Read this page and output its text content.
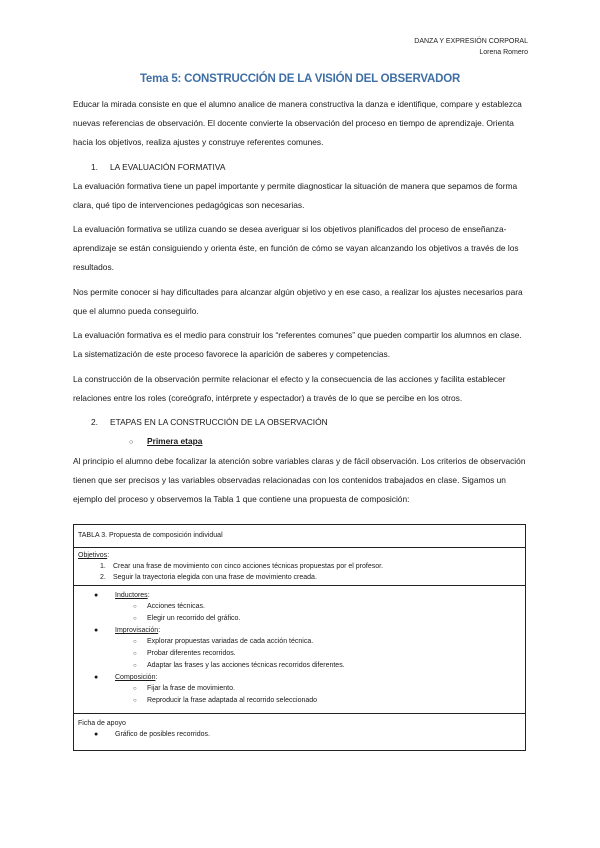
DANZA Y EXPRESIÓN CORPORAL
Lorena Romero
Tema 5: CONSTRUCCIÓN DE LA VISIÓN DEL OBSERVADOR

Educar la mirada consiste en que el alumno analice de manera constructiva la danza e identifique, compare y establezca nuevas referencias de observación. El docente convierte la observación del proceso en tiempo de aprendizaje. Orienta hacia los objetivos, realiza ajustes y construye referentes comunes.

1. LA EVALUACIÓN FORMATIVA

La evaluación formativa tiene un papel importante y permite diagnosticar la situación de manera que sepamos de forma clara, qué tipo de intervenciones pedagógicas son necesarias.

La evaluación formativa se utiliza cuando se desea averiguar si los objetivos planificados del proceso de enseñanza-aprendizaje se están consiguiendo y orienta éste, en función de cómo se vayan alcanzando los objetivos a través de los resultados.

Nos permite conocer si hay dificultades para alcanzar algún objetivo y en ese caso, a realizar los ajustes necesarios para que el alumno pueda conseguirlo.

La evaluación formativa es el medio para construir los “referentes comunes” que pueden compartir los alumnos en clase. La sistematización de este proceso favorece la aparición de saberes y competencias.

La construcción de la observación permite relacionar el efecto y la consecuencia de las acciones y facilita establecer relaciones entre los roles (coreógrafo, intérprete y espectador) a través de lo que se percibe en los otros.

2. ETAPAS EN LA CONSTRUCCIÓN DE LA OBSERVACIÓN
○ Primera etapa

Al principio el alumno debe focalizar la atención sobre variables claras y de fácil observación. Los criterios de observación tienen que ser precisos y las variables observadas relacionadas con los contenidos trabajados en clase. Sigamos un ejemplo del proceso y observemos la Tabla 1 que contiene una propuesta de composición:

TABLA 3. Propuesta de composición individual
Objetivos:
1. Crear una frase de movimiento con cinco acciones técnicas propuestas por el profesor.
2. Seguir la trayectoria elegida con una frase de movimiento creada.
● Inductores:
○ Acciones técnicas.
○ Elegir un recorrido del gráfico.
● Improvisación:
○ Explorar propuestas variadas de cada acción técnica.
○ Probar diferentes recorridos.
○ Adaptar las frases y las acciones técnicas recorridos diferentes.
● Composición:
○ Fijar la frase de movimiento.
○ Reproducir la frase adaptada al recorrido seleccionado
Ficha de apoyo
● Gráfico de posibles recorridos.
